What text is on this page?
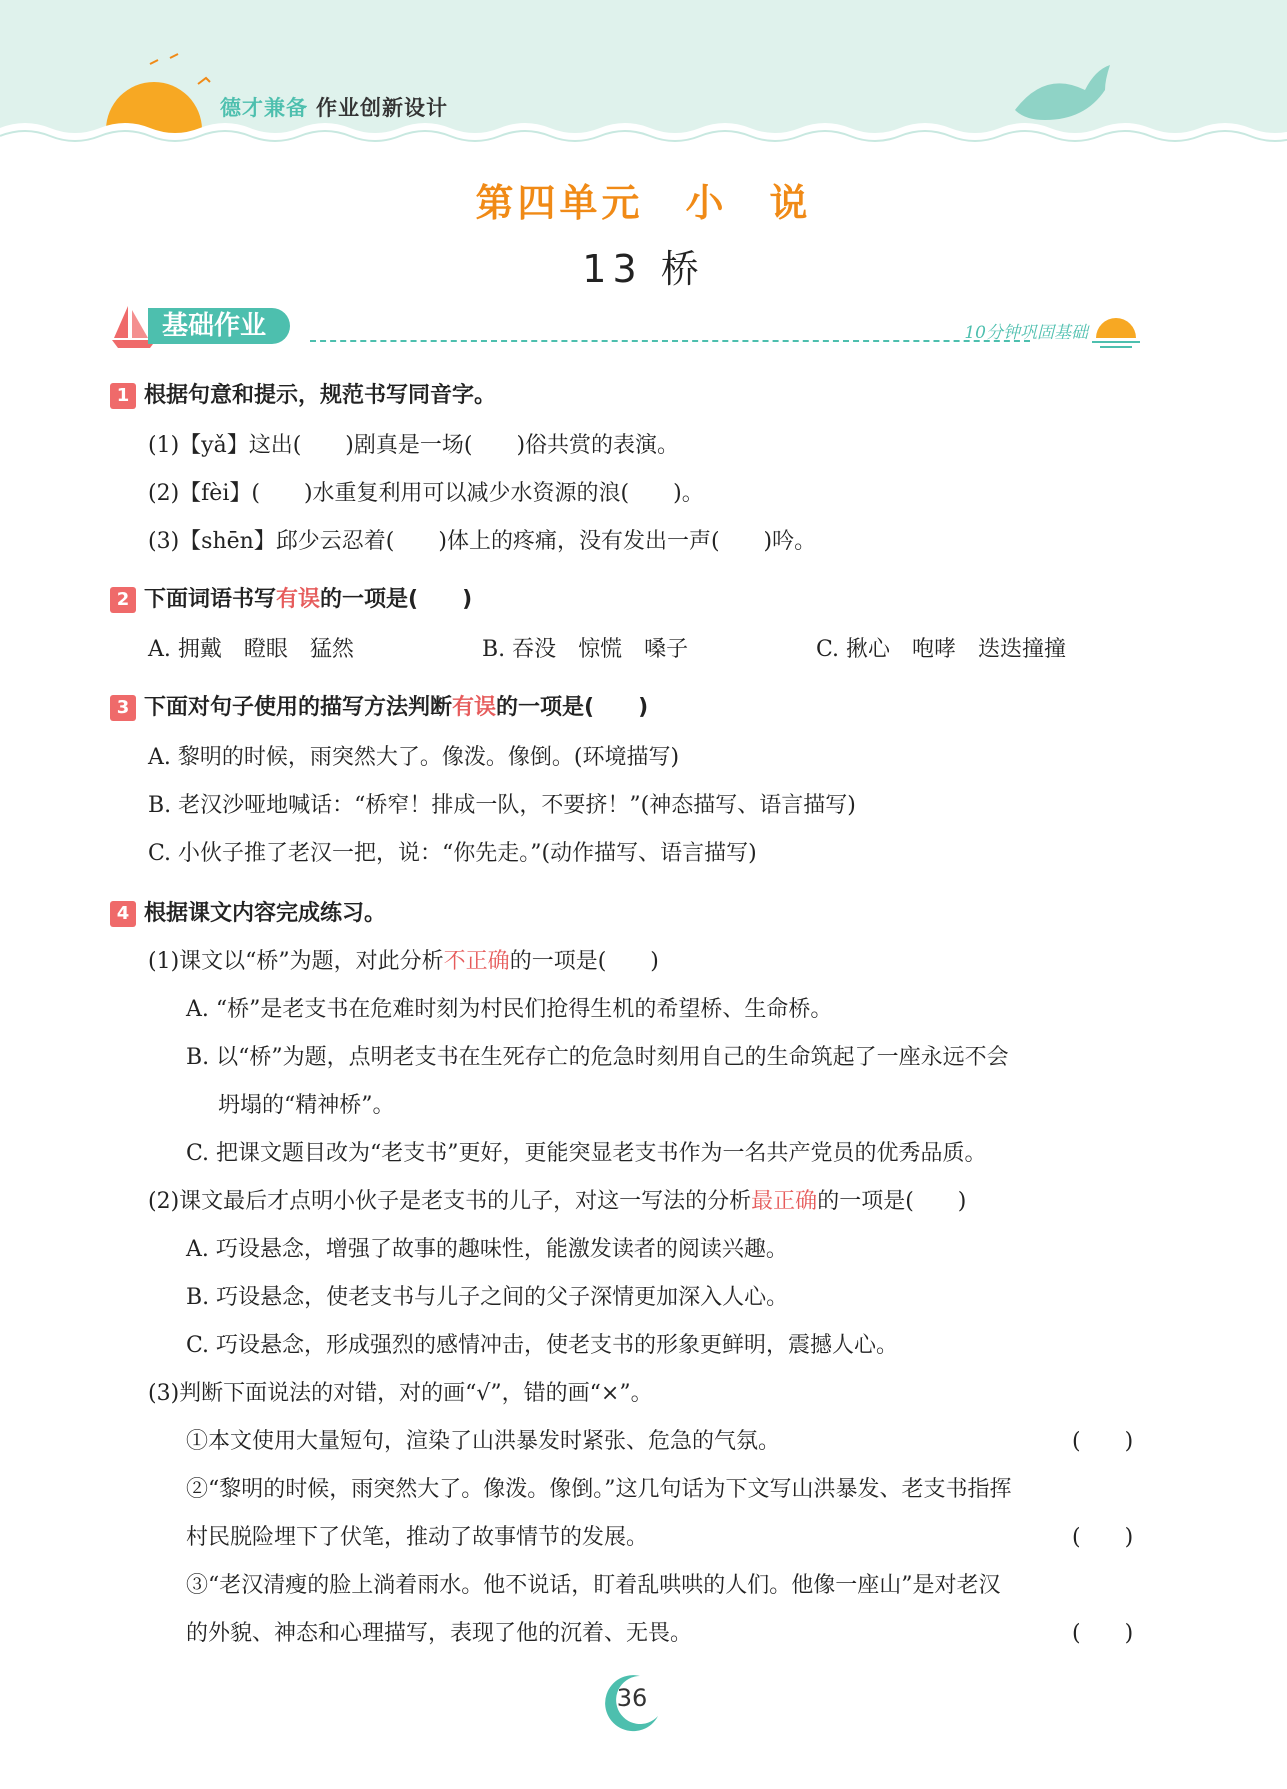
德才兼备 作业创新设计
第四单元　小　说
13 桥
基础作业	10分钟巩固基础
1 根据句意和提示，规范书写同音字。
(1)【yǎ】这出(　　)剧真是一场(　　)俗共赏的表演。
(2)【fèi】(　　)水重复利用可以减少水资源的浪(　　)。
(3)【shēn】邱少云忍着(　　)体上的疼痛，没有发出一声(　　)吟。
2 下面词语书写有误的一项是(　　)
A. 拥戴　瞪眼　猛然	B. 吞没　惊慌　嗓子	C. 揪心　咆哮　迭迭撞撞
3 下面对句子使用的描写方法判断有误的一项是(　　)
A. 黎明的时候，雨突然大了。像泼。像倒。(环境描写)
B. 老汉沙哑地喊话：“桥窄！排成一队，不要挤！”(神态描写、语言描写)
C. 小伙子推了老汉一把，说：“你先走。”(动作描写、语言描写)
4 根据课文内容完成练习。
(1)课文以“桥”为题，对此分析不正确的一项是(　　)
A. “桥”是老支书在危难时刻为村民们抢得生机的希望桥、生命桥。
B. 以“桥”为题，点明老支书在生死存亡的危急时刻用自己的生命筑起了一座永远不会
坍塌的“精神桥”。
C. 把课文题目改为“老支书”更好，更能突显老支书作为一名共产党员的优秀品质。
(2)课文最后才点明小伙子是老支书的儿子，对这一写法的分析最正确的一项是(　　)
A. 巧设悬念，增强了故事的趣味性，能激发读者的阅读兴趣。
B. 巧设悬念，使老支书与儿子之间的父子深情更加深入人心。
C. 巧设悬念，形成强烈的感情冲击，使老支书的形象更鲜明，震撼人心。
(3)判断下面说法的对错，对的画“√”，错的画“×”。
①本文使用大量短句，渲染了山洪暴发时紧张、危急的气氛。	(　　)
②“黎明的时候，雨突然大了。像泼。像倒。”这几句话为下文写山洪暴发、老支书指挥
村民脱险埋下了伏笔，推动了故事情节的发展。	(　　)
③“老汉清瘦的脸上淌着雨水。他不说话，盯着乱哄哄的人们。他像一座山”是对老汉
的外貌、神态和心理描写，表现了他的沉着、无畏。	(　　)
36
